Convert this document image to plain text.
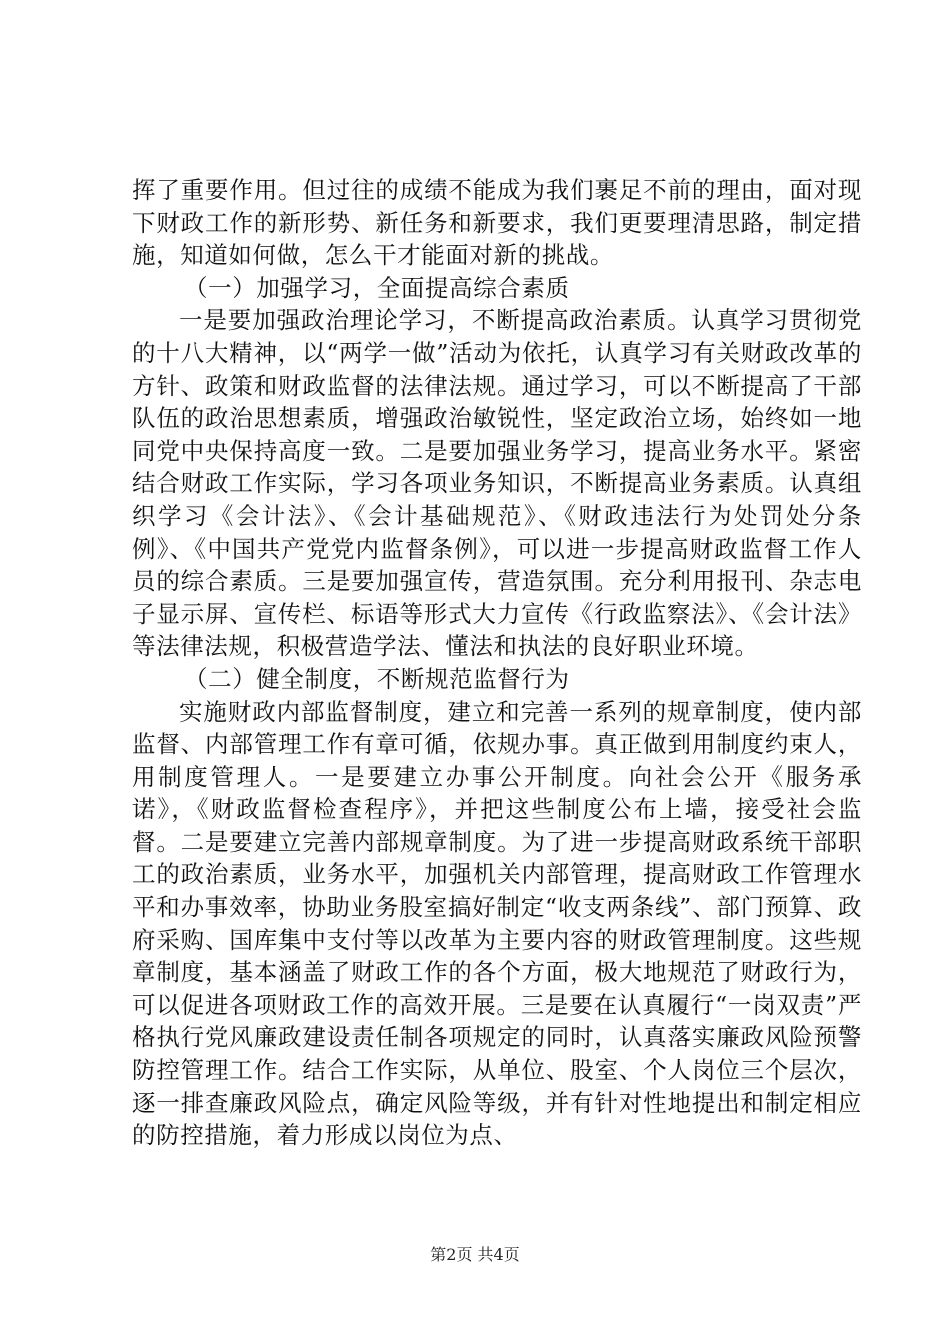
挥了重要作用。但过往的成绩不能成为我们裹足不前的理由，面对现下财政工作的新形势、新任务和新要求，我们更要理清思路，制定措施，知道如何做，怎么干才能面对新的挑战。

（一）加强学习，全面提高综合素质

一是要加强政治理论学习，不断提高政治素质。认真学习贯彻党的十八大精神，以“两学一做”活动为依托，认真学习有关财政改革的方针、政策和财政监督的法律法规。通过学习，可以不断提高了干部队伍的政治思想素质，增强政治敏锐性，坚定政治立场，始终如一地同党中央保持高度一致。二是要加强业务学习，提高业务水平。紧密结合财政工作实际，学习各项业务知识，不断提高业务素质。认真组织学习《会计法》、《会计基础规范》、《财政违法行为处罚处分条例》、《中国共产党党内监督条例》，可以进一步提高财政监督工作人员的综合素质。三是要加强宣传，营造氛围。充分利用报刊、杂志电子显示屏、宣传栏、标语等形式大力宣传《行政监察法》、《会计法》等法律法规，积极营造学法、懂法和执法的良好职业环境。

（二）健全制度，不断规范监督行为

实施财政内部监督制度，建立和完善一系列的规章制度，使内部监督、内部管理工作有章可循，依规办事。真正做到用制度约束人，用制度管理人。一是要建立办事公开制度。向社会公开《服务承诺》，《财政监督检查程序》，并把这些制度公布上墙，接受社会监督。二是要建立完善内部规章制度。为了进一步提高财政系统干部职工的政治素质，业务水平，加强机关内部管理，提高财政工作管理水平和办事效率，协助业务股室搞好制定“收支两条线”、部门预算、政府采购、国库集中支付等以改革为主要内容的财政管理制度。这些规章制度，基本涵盖了财政工作的各个方面，极大地规范了财政行为，可以促进各项财政工作的高效开展。三是要在认真履行“一岗双责”严格执行党风廉政建设责任制各项规定的同时，认真落实廉政风险预警防控管理工作。结合工作实际，从单位、股室、个人岗位三个层次，逐一排查廉政风险点，确定风险等级，并有针对性地提出和制定相应的防控措施，着力形成以岗位为点、

第2页 共4页
